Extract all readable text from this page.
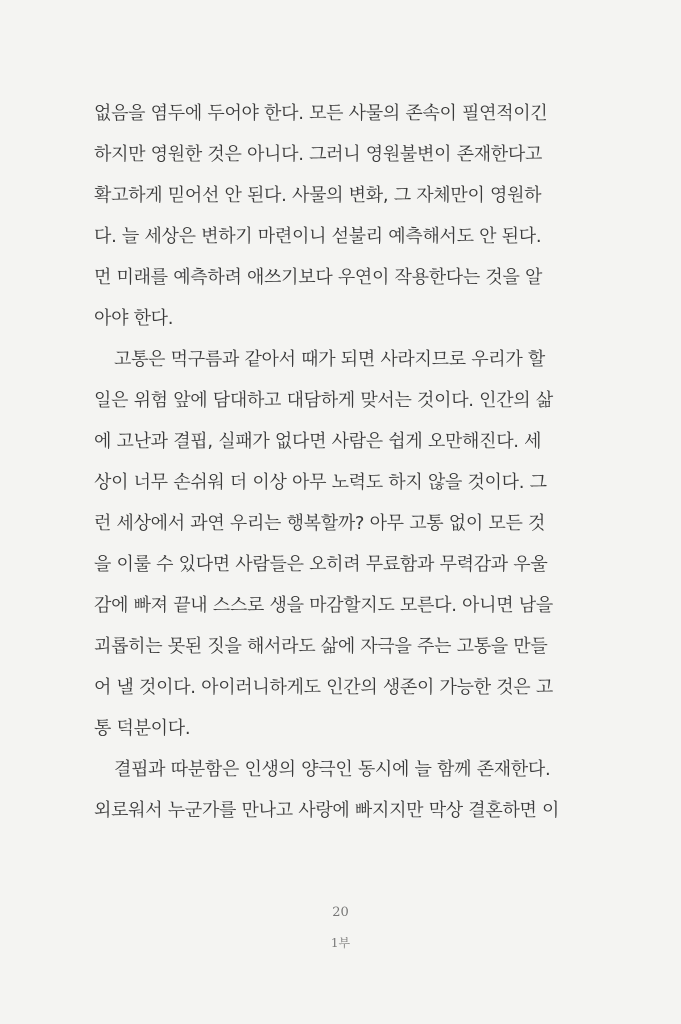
없음을 염두에 두어야 한다. 모든 사물의 존속이 필연적이긴
하지만 영원한 것은 아니다. 그러니 영원불변이 존재한다고
확고하게 믿어선 안 된다. 사물의 변화, 그 자체만이 영원하
다. 늘 세상은 변하기 마련이니 섣불리 예측해서도 안 된다.
먼 미래를 예측하려 애쓰기보다 우연이 작용한다는 것을 알
아야 한다.
고통은 먹구름과 같아서 때가 되면 사라지므로 우리가 할
일은 위험 앞에 담대하고 대담하게 맞서는 것이다. 인간의 삶
에 고난과 결핍, 실패가 없다면 사람은 쉽게 오만해진다. 세
상이 너무 손쉬워 더 이상 아무 노력도 하지 않을 것이다. 그
런 세상에서 과연 우리는 행복할까? 아무 고통 없이 모든 것
을 이룰 수 있다면 사람들은 오히려 무료함과 무력감과 우울
감에 빠져 끝내 스스로 생을 마감할지도 모른다. 아니면 남을
괴롭히는 못된 짓을 해서라도 삶에 자극을 주는 고통을 만들
어 낼 것이다. 아이러니하게도 인간의 생존이 가능한 것은 고
통 덕분이다.
결핍과 따분함은 인생의 양극인 동시에 늘 함께 존재한다.
외로워서 누군가를 만나고 사랑에 빠지지만 막상 결혼하면 이
20
1부
